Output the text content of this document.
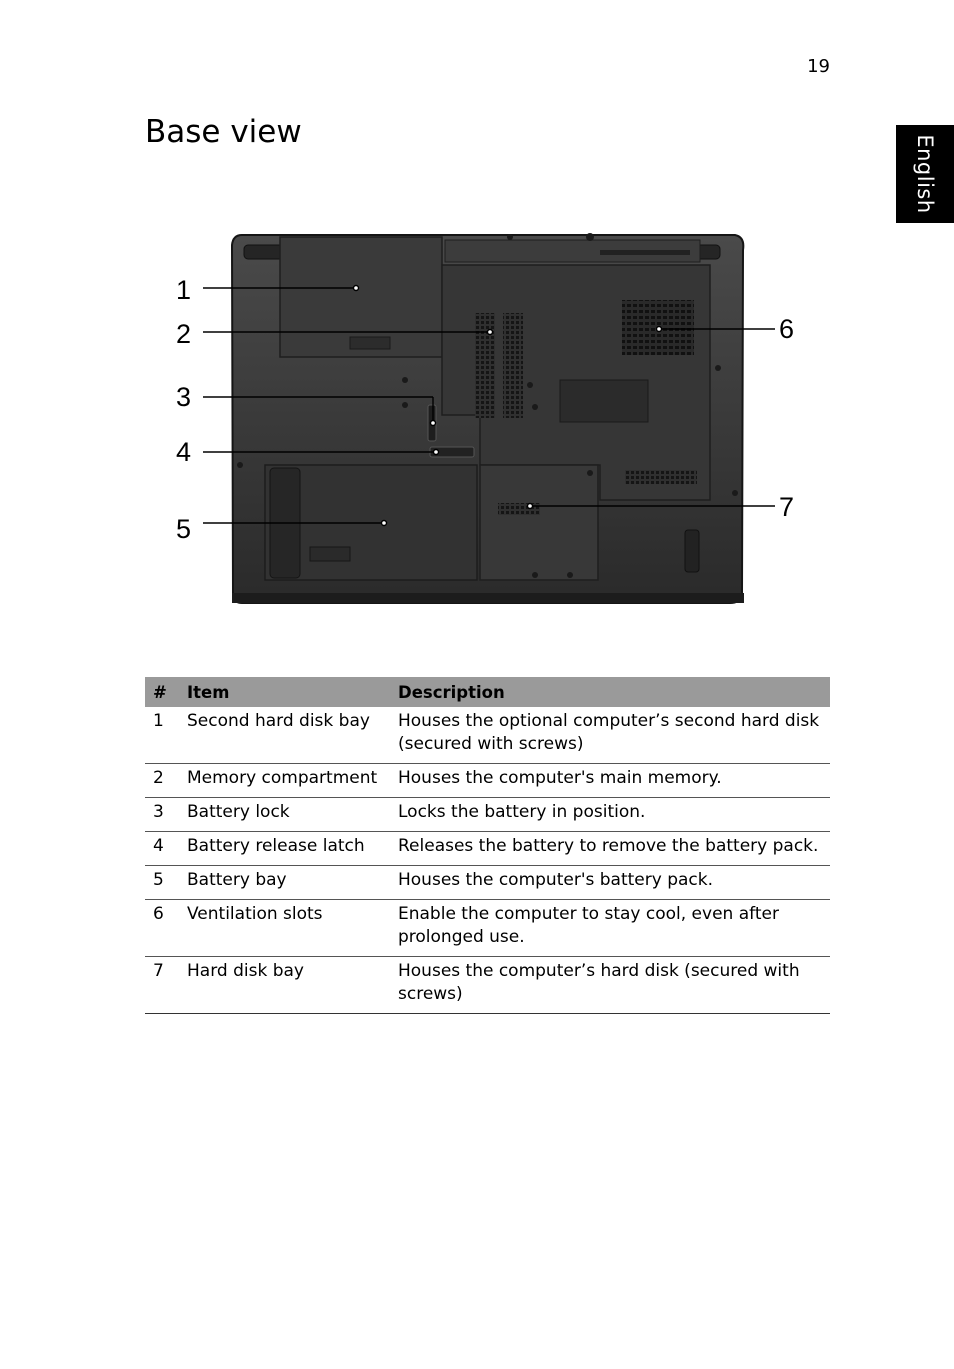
19
English
Base view
1
2
3
4
5
6
7
#	Item	Description
1	Second hard disk bay	Houses the optional computer’s second hard disk (secured with screws)
2	Memory compartment	Houses the computer's main memory.
3	Battery lock	Locks the battery in position.
4	Battery release latch	Releases the battery to remove the battery pack.
5	Battery bay	Houses the computer's battery pack.
6	Ventilation slots	Enable the computer to stay cool, even after prolonged use.
7	Hard disk bay	Houses the computer’s hard disk (secured with screws)
